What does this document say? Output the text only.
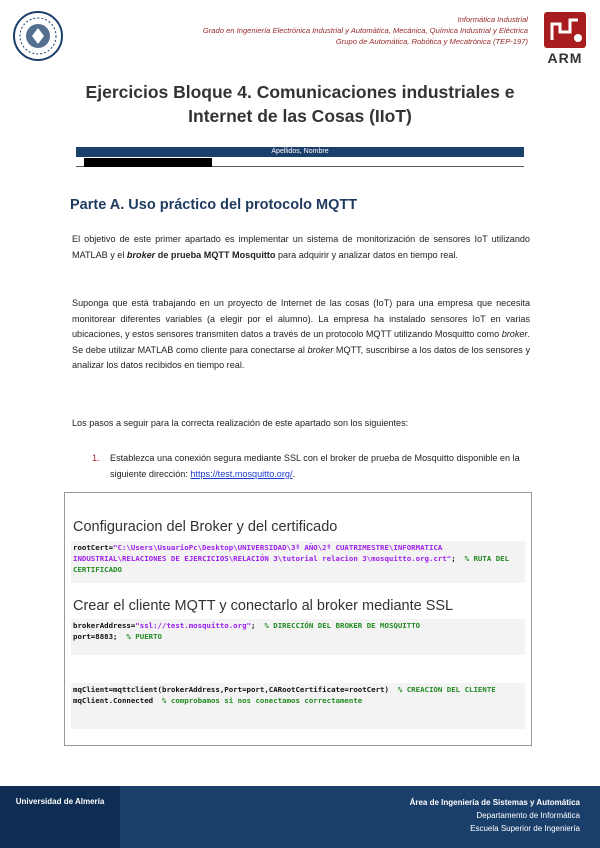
Informática Industrial
Grado en Ingeniería Electrónica Industrial y Automática, Mecánica, Química Industrial y Eléctrica
Grupo de Automática, Robótica y Mecatrónica (TEP-197)
ARM
Ejercicios Bloque 4. Comunicaciones industriales e
Internet de las Cosas (IIoT)
Apellidos, Nombre
Parte A. Uso práctico del protocolo MQTT
El objetivo de este primer apartado es implementar un sistema de monitorización de sensores IoT utilizando MATLAB y el broker de prueba MQTT Mosquitto para adquirir y analizar datos en tiempo real.
Suponga que está trabajando en un proyecto de Internet de las cosas (IoT) para una empresa que necesita monitorear diferentes variables (a elegir por el alumno). La empresa ha instalado sensores IoT en varias ubicaciones, y estos sensores transmiten datos a través de un protocolo MQTT utilizando Mosquitto como broker. Se debe utilizar MATLAB como cliente para conectarse al broker MQTT, suscribirse a los datos de los sensores y analizar los datos recibidos en tiempo real.
Los pasos a seguir para la correcta realización de este apartado son los siguientes:
1. Establezca una conexión segura mediante SSL con el broker de prueba de Mosquitto disponible en la siguiente dirección: https://test.mosquitto.org/.
Configuracion del Broker y del certificado
rootCert="C:\Users\UsuarioPc\Desktop\UNIVERSIDAD\3º AÑO\2º CUATRIMESTRE\INFORMATICA INDUSTRIAL\RELACIONES DE EJERCICIOS\RELACIÓN 3\tutorial relacion 3\mosquitto.org.crt";  % RUTA DEL CERTIFICADO
Crear el cliente MQTT y conectarlo al broker mediante SSL
brokerAddress="ssl://test.mosquitto.org";  % DIRECCIÓN DEL BROKER DE MOSQUITTO
port=8883;  % PUERTO
mqClient=mqttclient(brokerAddress,Port=port,CARootCertificate=rootCert)  % CREACION DEL CLIENTE
mqClient.Connected  % comprobamos si nos conectamos correctamente
Universidad de Almería	Área de Ingeniería de Sistemas y Automática
Departamento de Informática
Escuela Superior de Ingeniería
